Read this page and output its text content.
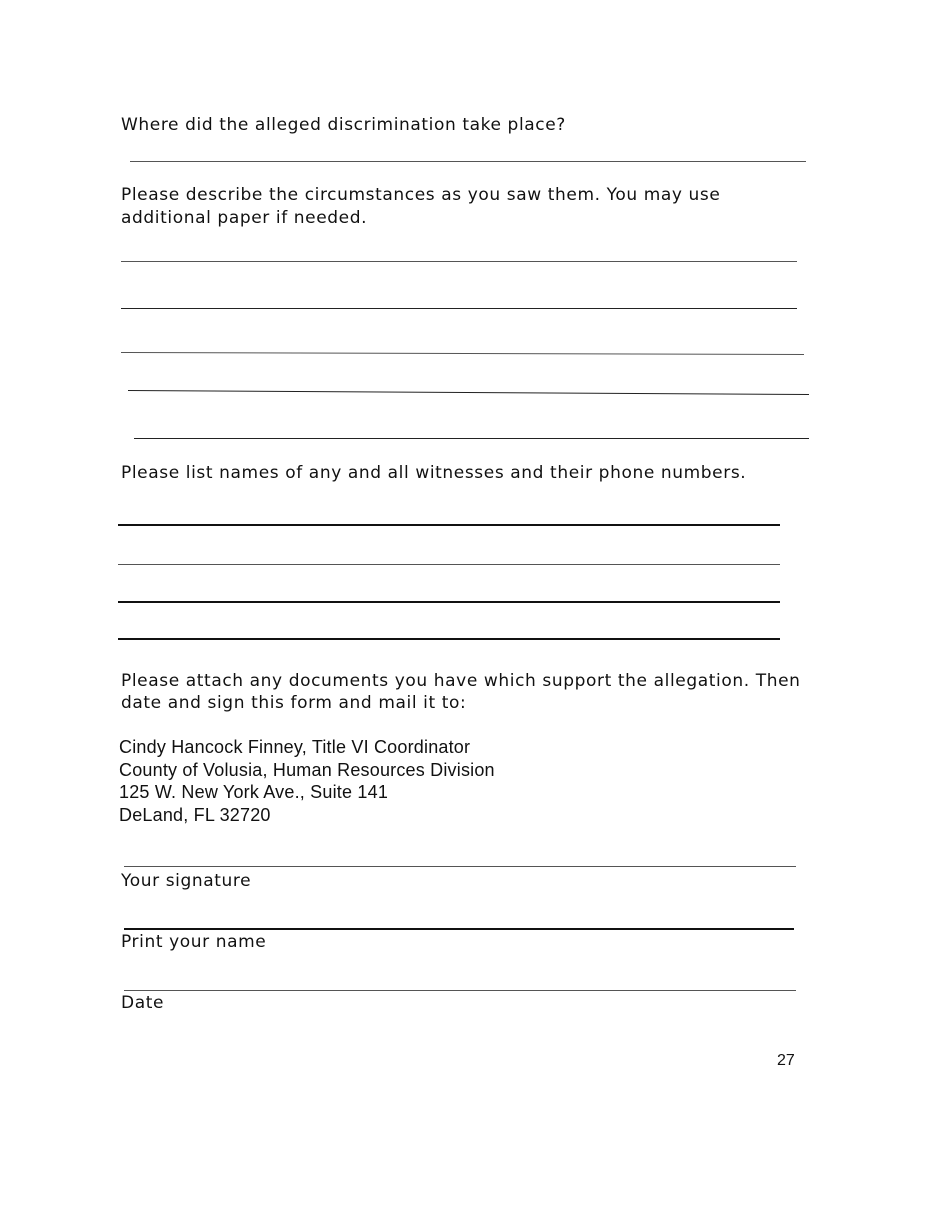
Where did the alleged discrimination take place?

Please describe the circumstances as you saw them. You may use

additional paper if needed.

Please list names of any and all witnesses and their phone numbers.

Please attach any documents you have which support the allegation. Then

date and sign this form and mail it to:

Cindy Hancock Finney, Title VI Coordinator
County of Volusia, Human Resources Division
125 W. New York Ave., Suite 141
DeLand, FL 32720

Your signature

Print your name

Date

27
